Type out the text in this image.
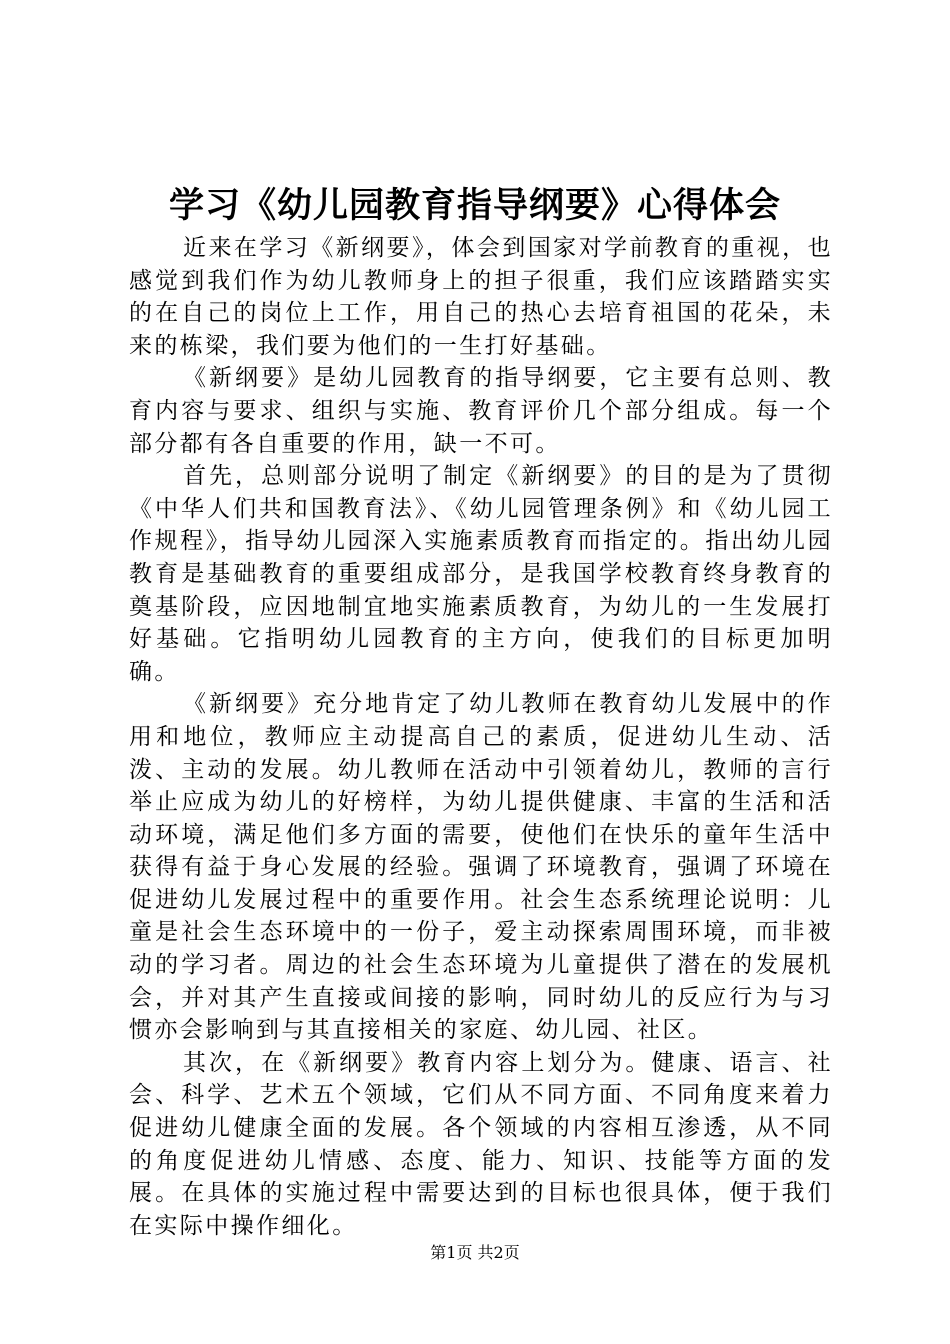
学习《幼儿园教育指导纲要》心得体会

近来在学习《新纲要》，体会到国家对学前教育的重视，也感觉到我们作为幼儿教师身上的担子很重，我们应该踏踏实实的在自己的岗位上工作，用自己的热心去培育祖国的花朵，未来的栋梁，我们要为他们的一生打好基础。

《新纲要》是幼儿园教育的指导纲要，它主要有总则、教育内容与要求、组织与实施、教育评价几个部分组成。每一个部分都有各自重要的作用，缺一不可。

首先，总则部分说明了制定《新纲要》的目的是为了贯彻《中华人们共和国教育法》、《幼儿园管理条例》和《幼儿园工作规程》，指导幼儿园深入实施素质教育而指定的。指出幼儿园教育是基础教育的重要组成部分，是我国学校教育终身教育的奠基阶段，应因地制宜地实施素质教育，为幼儿的一生发展打好基础。它指明幼儿园教育的主方向，使我们的目标更加明确。

《新纲要》充分地肯定了幼儿教师在教育幼儿发展中的作用和地位，教师应主动提高自己的素质，促进幼儿生动、活泼、主动的发展。幼儿教师在活动中引领着幼儿，教师的言行举止应成为幼儿的好榜样，为幼儿提供健康、丰富的生活和活动环境，满足他们多方面的需要，使他们在快乐的童年生活中获得有益于身心发展的经验。强调了环境教育，强调了环境在促进幼儿发展过程中的重要作用。社会生态系统理论说明：儿童是社会生态环境中的一份子，爱主动探索周围环境，而非被动的学习者。周边的社会生态环境为儿童提供了潜在的发展机会，并对其产生直接或间接的影响，同时幼儿的反应行为与习惯亦会影响到与其直接相关的家庭、幼儿园、社区。

其次，在《新纲要》教育内容上划分为。健康、语言、社会、科学、艺术五个领域，它们从不同方面、不同角度来着力促进幼儿健康全面的发展。各个领域的内容相互渗透，从不同的角度促进幼儿情感、态度、能力、知识、技能等方面的发展。在具体的实施过程中需要达到的目标也很具体，便于我们在实际中操作细化。

第1页 共2页
